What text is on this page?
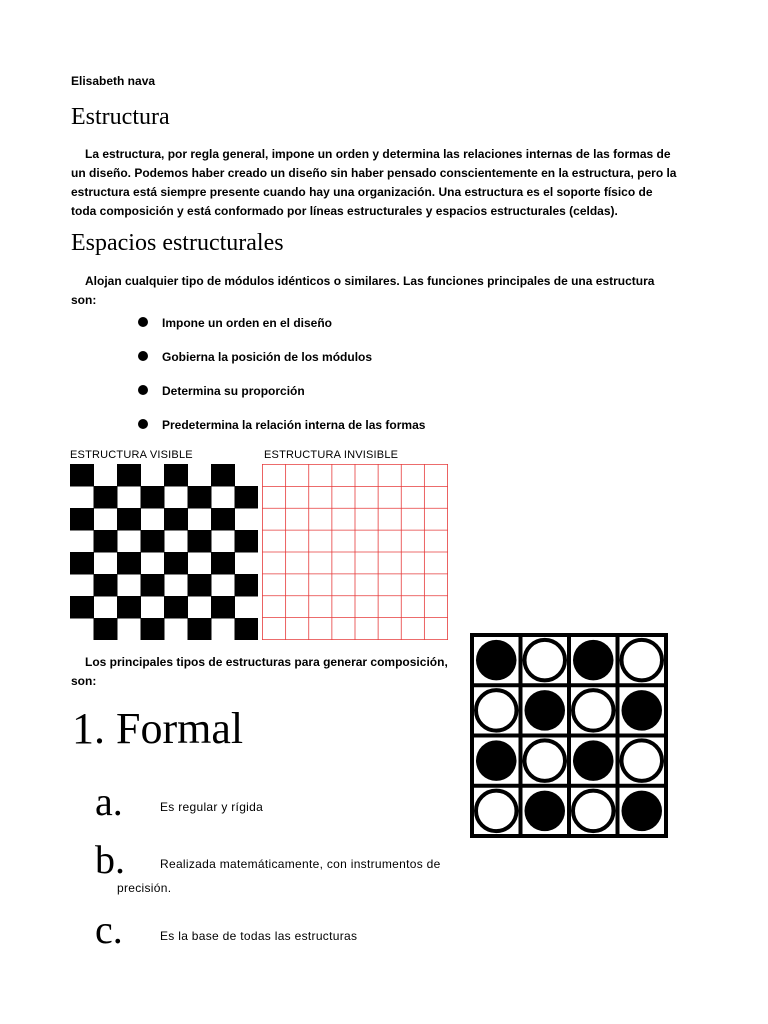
Elisabeth nava
Estructura

La estructura, por regla general, impone un orden y determina las relaciones internas de las formas de un diseño. Podemos haber creado un diseño sin haber pensado conscientemente en la estructura, pero la estructura está siempre presente cuando hay una organización. Una estructura es el soporte físico de toda composición y está conformado por líneas estructurales y espacios estructurales (celdas).

Espacios estructurales

Alojan cualquier tipo de módulos idénticos o similares. Las funciones principales de una estructura son:

Impone un orden en el diseño
Gobierna la posición de los módulos
Determina su proporción
Predetermina la relación interna de las formas
ESTRUCTURA VISIBLE	ESTRUCTURA INVISIBLE

Los principales tipos de estructuras para generar composición, son:

1. Formal
a.	Es regular y rígida
b.	Realizada matemáticamente, con instrumentos de
precisión.
c.	Es la base de todas las estructuras
